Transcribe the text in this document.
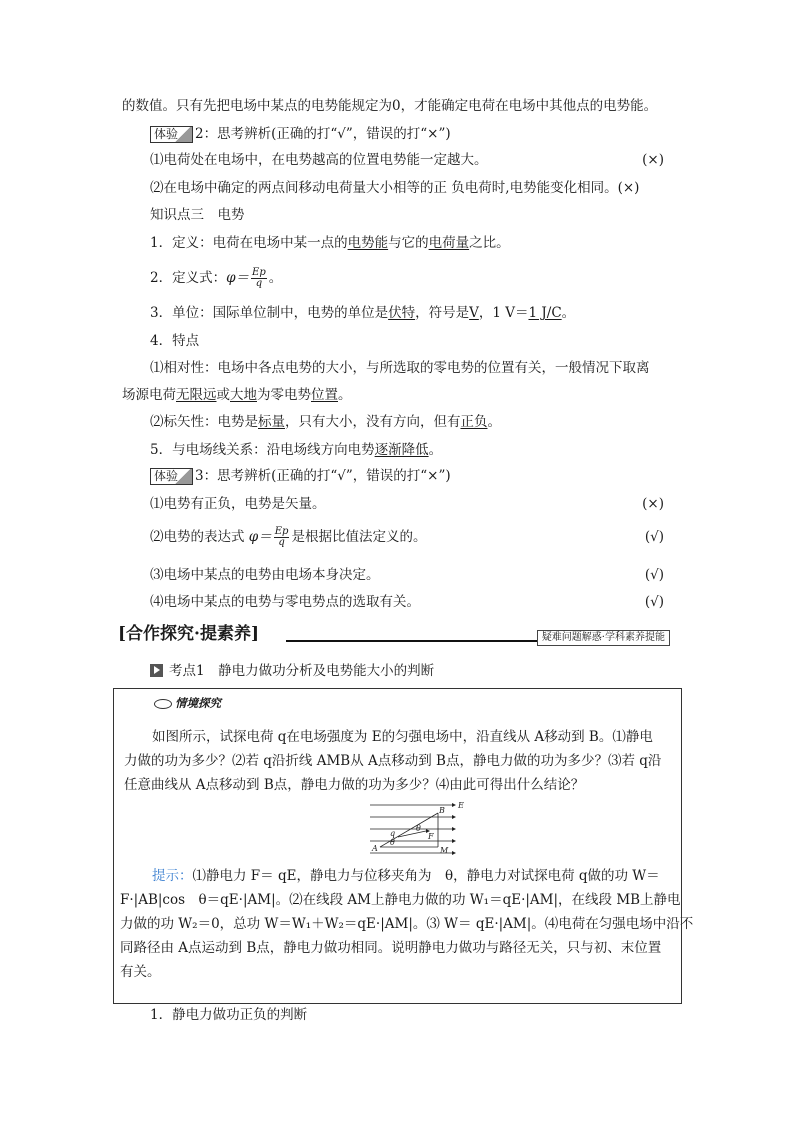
的数值。只有先把电场中某点的电势能规定为0，才能确定电荷在电场中其他点的电势能。
体验 2：思考辨析(正确的打“√”，错误的打“×”)
⑴电荷处在电场中，在电势越高的位置电势能一定越大。	(×)
⑵在电场中确定的两点间移动电荷量大小相等的正 负电荷时,电势能变化相同。(×)
知识点三　电势
1．定义：电荷在电场中某一点的电势能与它的电荷量之比。
2．定义式：$\varphi= \frac{Ep}{q}$ 。
3．单位：国际单位制中，电势的单位是伏特，符号是V，1 V＝1 J/C。
4．特点
⑴相对性：电场中各点电势的大小，与所选取的零电势的位置有关，一般情况下取离
场源电荷无限远或大地为零电势位置。
⑵标矢性：电势是标量，只有大小，没有方向，但有正负。
5．与电场线关系：沿电场线方向电势逐渐降低。
体验 3：思考辨析(正确的打“√”，错误的打“×”)
⑴电势有正负，电势是矢量。	(×)
⑵电势的表达式 $\varphi= \frac{Ep}{q}$ 是根据比值法定义的。	(√)
⑶电场中某点的电势由电场本身决定。	(√)
⑷电场中某点的电势与零电势点的选取有关。	(√)
[合作探究·提素养]	疑难问题解惑·学科素养提能
考点1　静电力做功分析及电势能大小的判断
情境探究
如图所示，试探电荷 q在电场强度为 E的匀强电场中，沿直线从 A移动到 B。⑴静电
力做的功为多少？⑵若 q沿折线 AMB从 A点移动到 B点，静电力做的功为多少？⑶若 q沿
任意曲线从 A点移动到 B点，静电力做的功为多少？⑷由此可得出什么结论？
B
E
q
θ
F
A
θ
M
提示：⑴静电力 F＝ qE，静电力与位移夹角为　θ，静电力对试探电荷 q做的功 W＝
F·|AB|cos　θ＝qE·|AM|。⑵在线段 AM上静电力做的功 W₁＝qE·|AM|，在线段 MB上静电
力做的功 W₂＝0，总功 W＝W₁＋W₂＝qE·|AM|。⑶ W＝ qE·|AM|。⑷电荷在匀强电场中沿不
同路径由 A点运动到 B点，静电力做功相同。说明静电力做功与路径无关，只与初、末位置
有关。
1．静电力做功正负的判断
